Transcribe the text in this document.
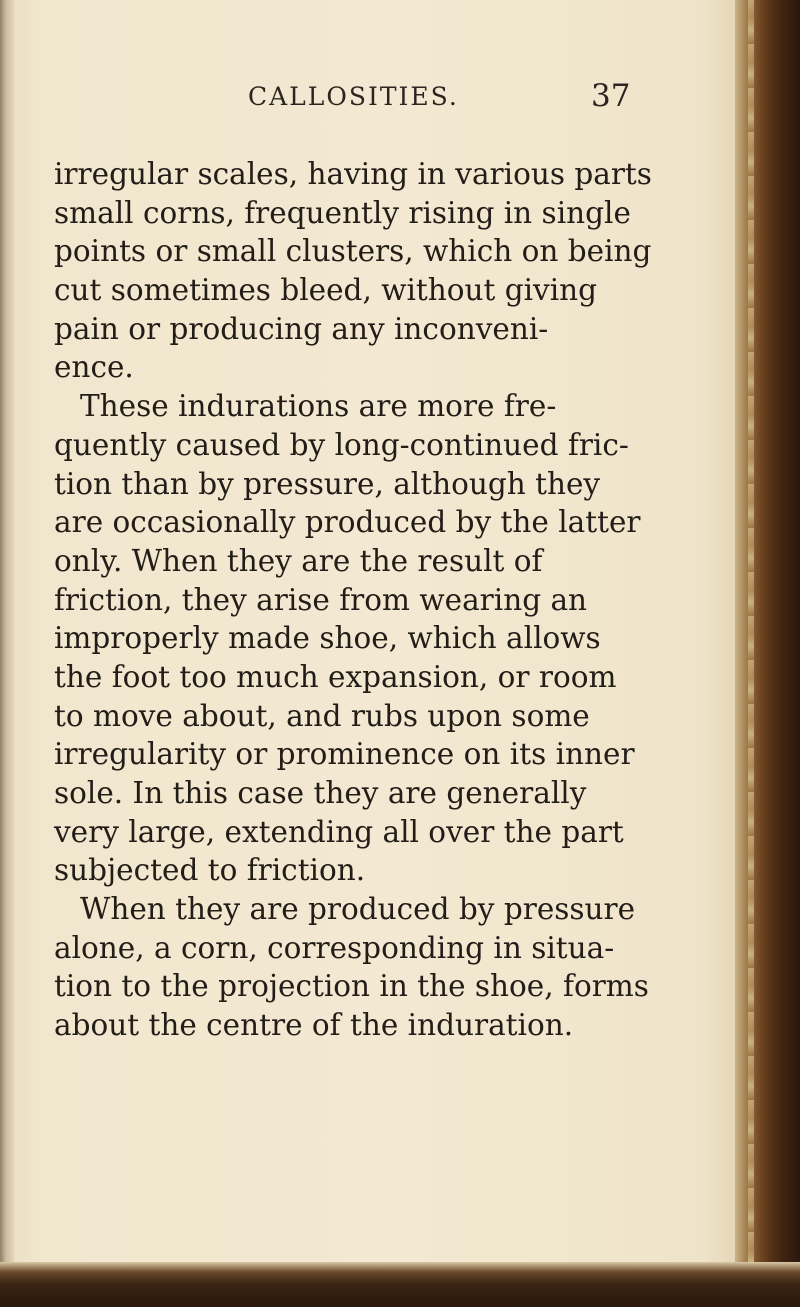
CALLOSITIES.	37
irregular scales, having in various parts
small corns, frequently rising in single
points or small clusters, which on being
cut sometimes bleed, without giving
pain or producing any inconveni-
ence.
These indurations are more fre-
quently caused by long-continued fric-
tion than by pressure, although they
are occasionally produced by the latter
only. When they are the result of
friction, they arise from wearing an
improperly made shoe, which allows
the foot too much expansion, or room
to move about, and rubs upon some
irregularity or prominence on its inner
sole. In this case they are generally
very large, extending all over the part
subjected to friction.
When they are produced by pressure
alone, a corn, corresponding in situa-
tion to the projection in the shoe, forms
about the centre of the induration.
